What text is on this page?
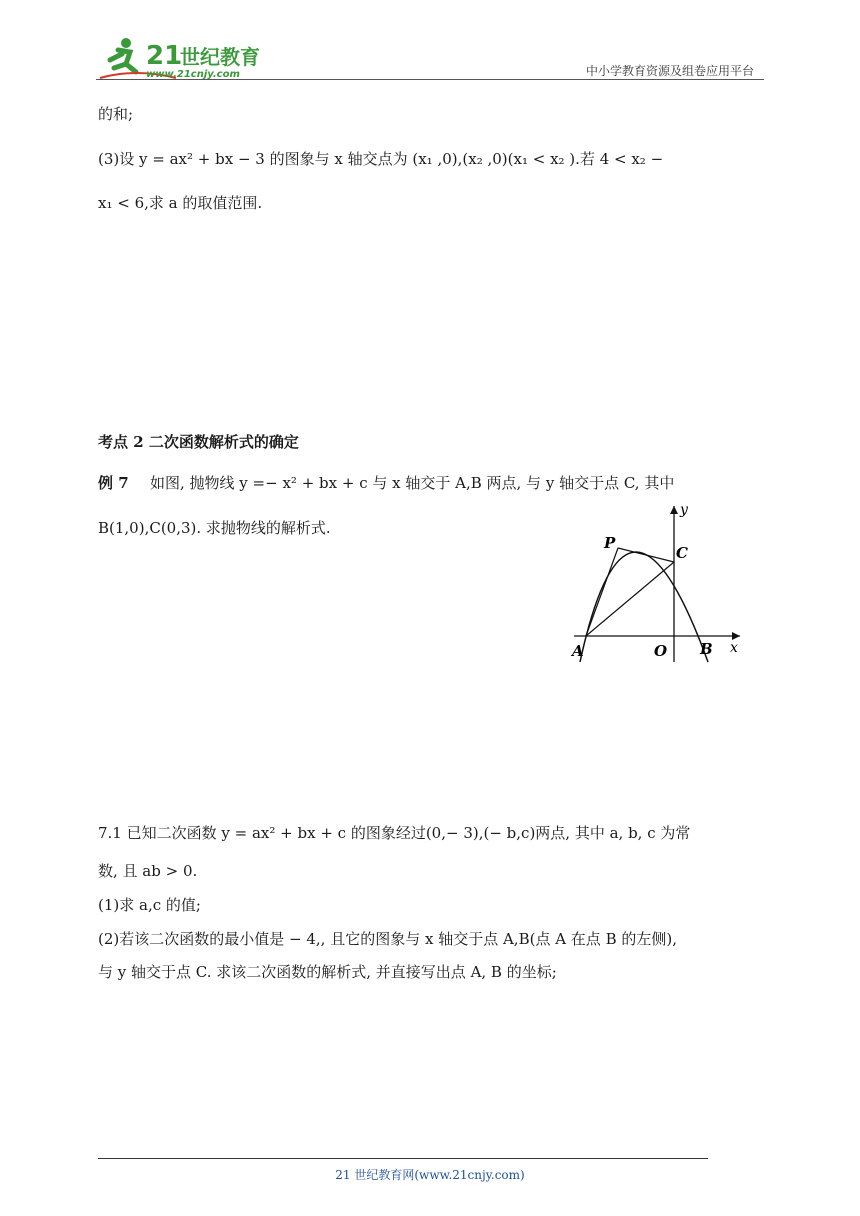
21
世纪教育
www.21cnjy.com	中小学教育资源及组卷应用平台
的和;
(3)设 y = ax² + bx − 3 的图象与 x 轴交点为 (x₁ ,0),(x₂ ,0)(x₁ < x₂ ).若 4 < x₂ −
x₁ < 6,求 a 的取值范围.
考点 2 二次函数解析式的确定
例 7 如图, 抛物线 y =− x² + bx + c 与 x 轴交于 A,B 两点, 与 y 轴交于点 C, 其中
B(1,0),C(0,3). 求抛物线的解析式.
y
x
P
C
A	O B
7.1 已知二次函数 y = ax² + bx + c 的图象经过(0,− 3),(− b,c)两点, 其中 a, b, c 为常
数, 且 ab > 0.
(1)求 a,c 的值;
(2)若该二次函数的最小值是 − 4,, 且它的图象与 x 轴交于点 A,B(点 A 在点 B 的左侧),
与 y 轴交于点 C. 求该二次函数的解析式, 并直接写出点 A, B 的坐标;
21 世纪教育网(www.21cnjy.com)
